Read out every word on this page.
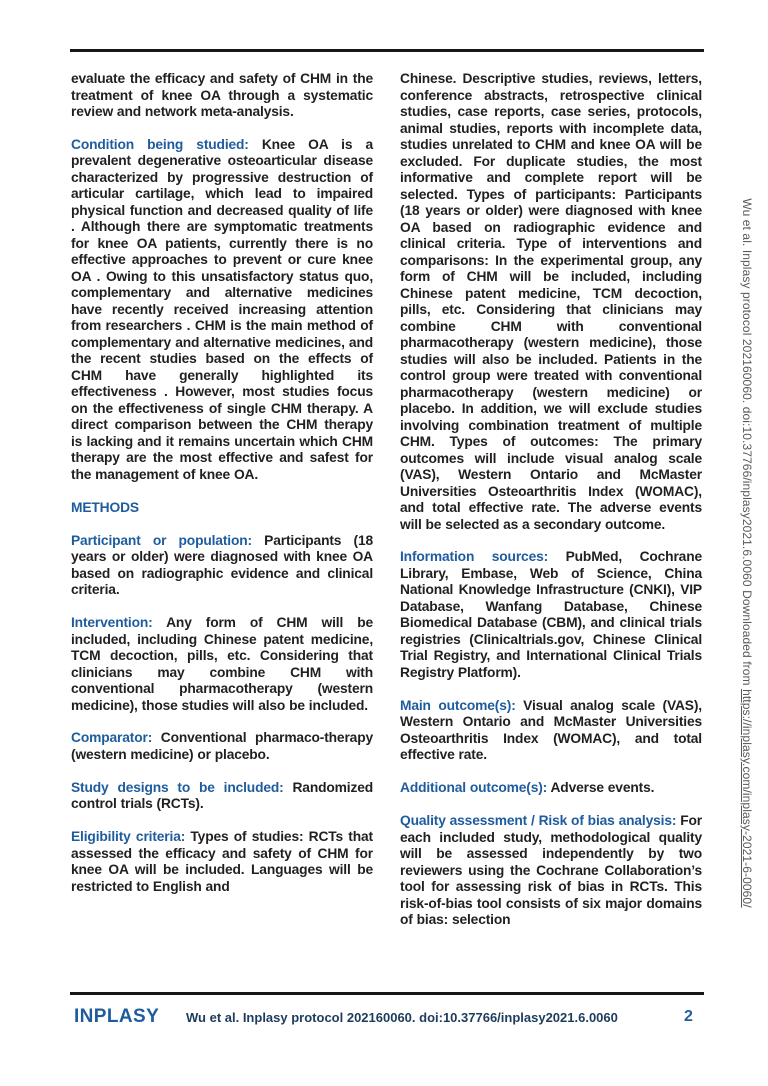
evaluate the efficacy and safety of CHM in the treatment of knee OA through a systematic review and network meta-analysis.

Condition being studied: Knee OA is a prevalent degenerative osteoarticular disease characterized by progressive destruction of articular cartilage, which lead to impaired physical function and decreased quality of life . Although there are symptomatic treatments for knee OA patients, currently there is no effective approaches to prevent or cure knee OA . Owing to this unsatisfactory status quo, complementary and alternative medicines have recently received increasing attention from researchers . CHM is the main method of complementary and alternative medicines, and the recent studies based on the effects of CHM have generally highlighted its effectiveness . However, most studies focus on the effectiveness of single CHM therapy. A direct comparison between the CHM therapy is lacking and it remains uncertain which CHM therapy are the most effective and safest for the management of knee OA.

METHODS

Participant or population: Participants (18 years or older) were diagnosed with knee OA based on radiographic evidence and clinical criteria.

Intervention: Any form of CHM will be included, including Chinese patent medicine, TCM decoction, pills, etc. Considering that clinicians may combine CHM with conventional pharmacotherapy (western medicine), those studies will also be included.

Comparator: Conventional pharmaco-therapy (western medicine) or placebo.

Study designs to be included: Randomized control trials (RCTs).

Eligibility criteria: Types of studies: RCTs that assessed the efficacy and safety of CHM for knee OA will be included. Languages will be restricted to English and

Chinese. Descriptive studies, reviews, letters, conference abstracts, retrospective clinical studies, case reports, case series, protocols, animal studies, reports with incomplete data, studies unrelated to CHM and knee OA will be excluded. For duplicate studies, the most informative and complete report will be selected. Types of participants: Participants (18 years or older) were diagnosed with knee OA based on radiographic evidence and clinical criteria. Type of interventions and comparisons: In the experimental group, any form of CHM will be included, including Chinese patent medicine, TCM decoction, pills, etc. Considering that clinicians may combine CHM with conventional pharmacotherapy (western medicine), those studies will also be included. Patients in the control group were treated with conventional pharmacotherapy (western medicine) or placebo. In addition, we will exclude studies involving combination treatment of multiple CHM. Types of outcomes: The primary outcomes will include visual analog scale (VAS), Western Ontario and McMaster Universities Osteoarthritis Index (WOMAC), and total effective rate. The adverse events will be selected as a secondary outcome.

Information sources: PubMed, Cochrane Library, Embase, Web of Science, China National Knowledge Infrastructure (CNKI), VIP Database, Wanfang Database, Chinese Biomedical Database (CBM), and clinical trials registries (Clinicaltrials.gov, Chinese Clinical Trial Registry, and International Clinical Trials Registry Platform).

Main outcome(s): Visual analog scale (VAS), Western Ontario and McMaster Universities Osteoarthritis Index (WOMAC), and total effective rate.

Additional outcome(s): Adverse events.

Quality assessment / Risk of bias analysis: For each included study, methodological quality will be assessed independently by two reviewers using the Cochrane Collaboration’s tool for assessing risk of bias in RCTs. This risk-of-bias tool consists of six major domains of bias: selection

INPLASY Wu et al. Inplasy protocol 202160060. doi:10.37766/inplasy2021.6.0060	2
Wu et al. Inplasy protocol 202160060. doi:10.37766/inplasy2021.6.0060 Downloaded from https://inplasy.com/inplasy-2021-6-0060/
